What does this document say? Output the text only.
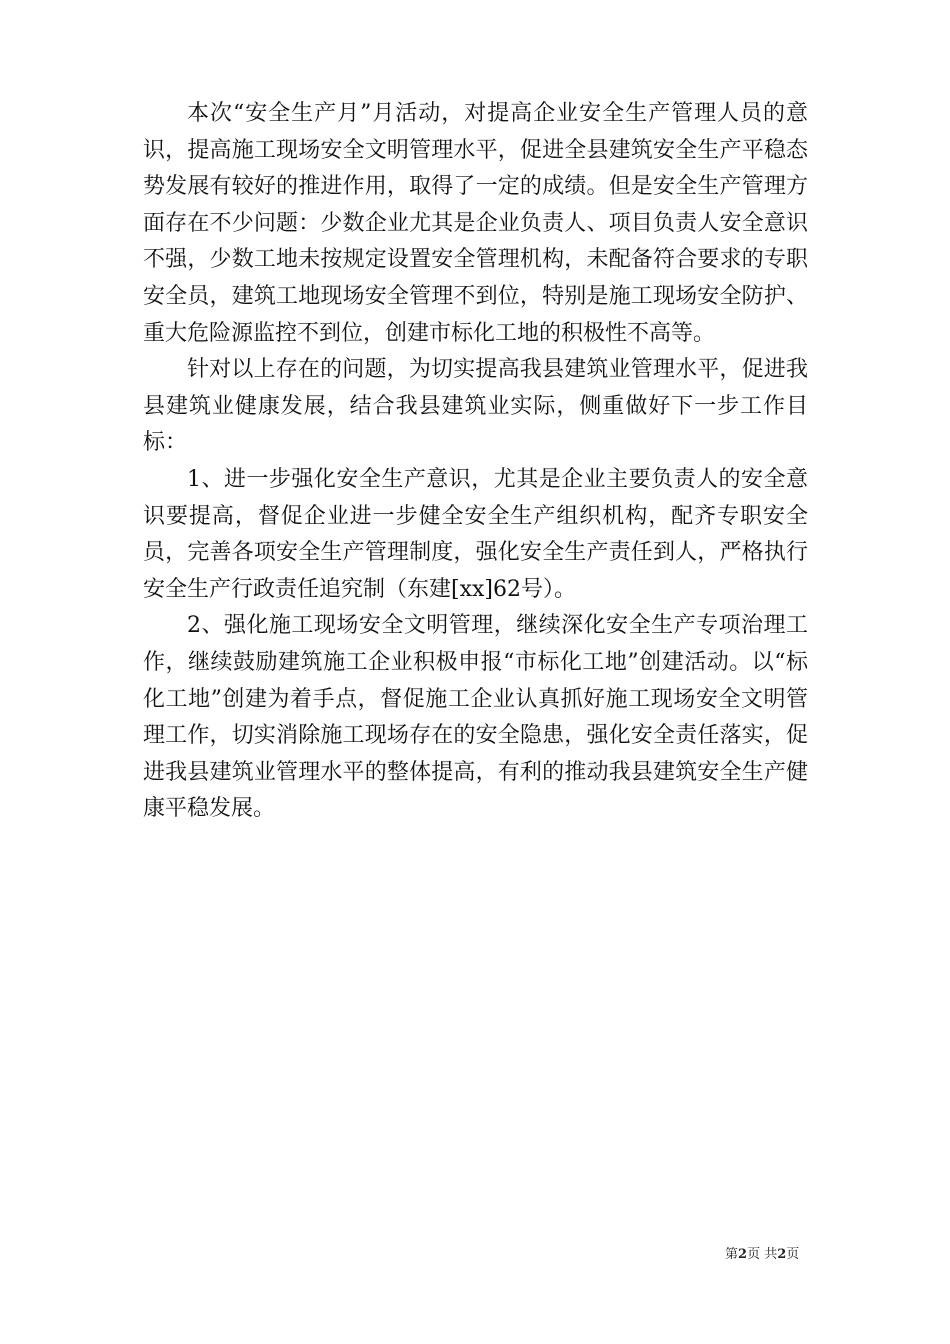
本次“安全生产月”月活动，对提高企业安全生产管理人员的意识，提高施工现场安全文明管理水平，促进全县建筑安全生产平稳态势发展有较好的推进作用，取得了一定的成绩。但是安全生产管理方面存在不少问题：少数企业尤其是企业负责人、项目负责人安全意识不强，少数工地未按规定设置安全管理机构，未配备符合要求的专职安全员，建筑工地现场安全管理不到位，特别是施工现场安全防护、重大危险源监控不到位，创建市标化工地的积极性不高等。

针对以上存在的问题，为切实提高我县建筑业管理水平，促进我县建筑业健康发展，结合我县建筑业实际，侧重做好下一步工作目标：

1、进一步强化安全生产意识，尤其是企业主要负责人的安全意识要提高，督促企业进一步健全安全生产组织机构，配齐专职安全员，完善各项安全生产管理制度，强化安全生产责任到人，严格执行安全生产行政责任追究制（东建[xx]62号）。

2、强化施工现场安全文明管理，继续深化安全生产专项治理工作，继续鼓励建筑施工企业积极申报“市标化工地”创建活动。以“标化工地”创建为着手点，督促施工企业认真抓好施工现场安全文明管理工作，切实消除施工现场存在的安全隐患，强化安全责任落实，促进我县建筑业管理水平的整体提高，有利的推动我县建筑安全生产健康平稳发展。

第2页 共2页
